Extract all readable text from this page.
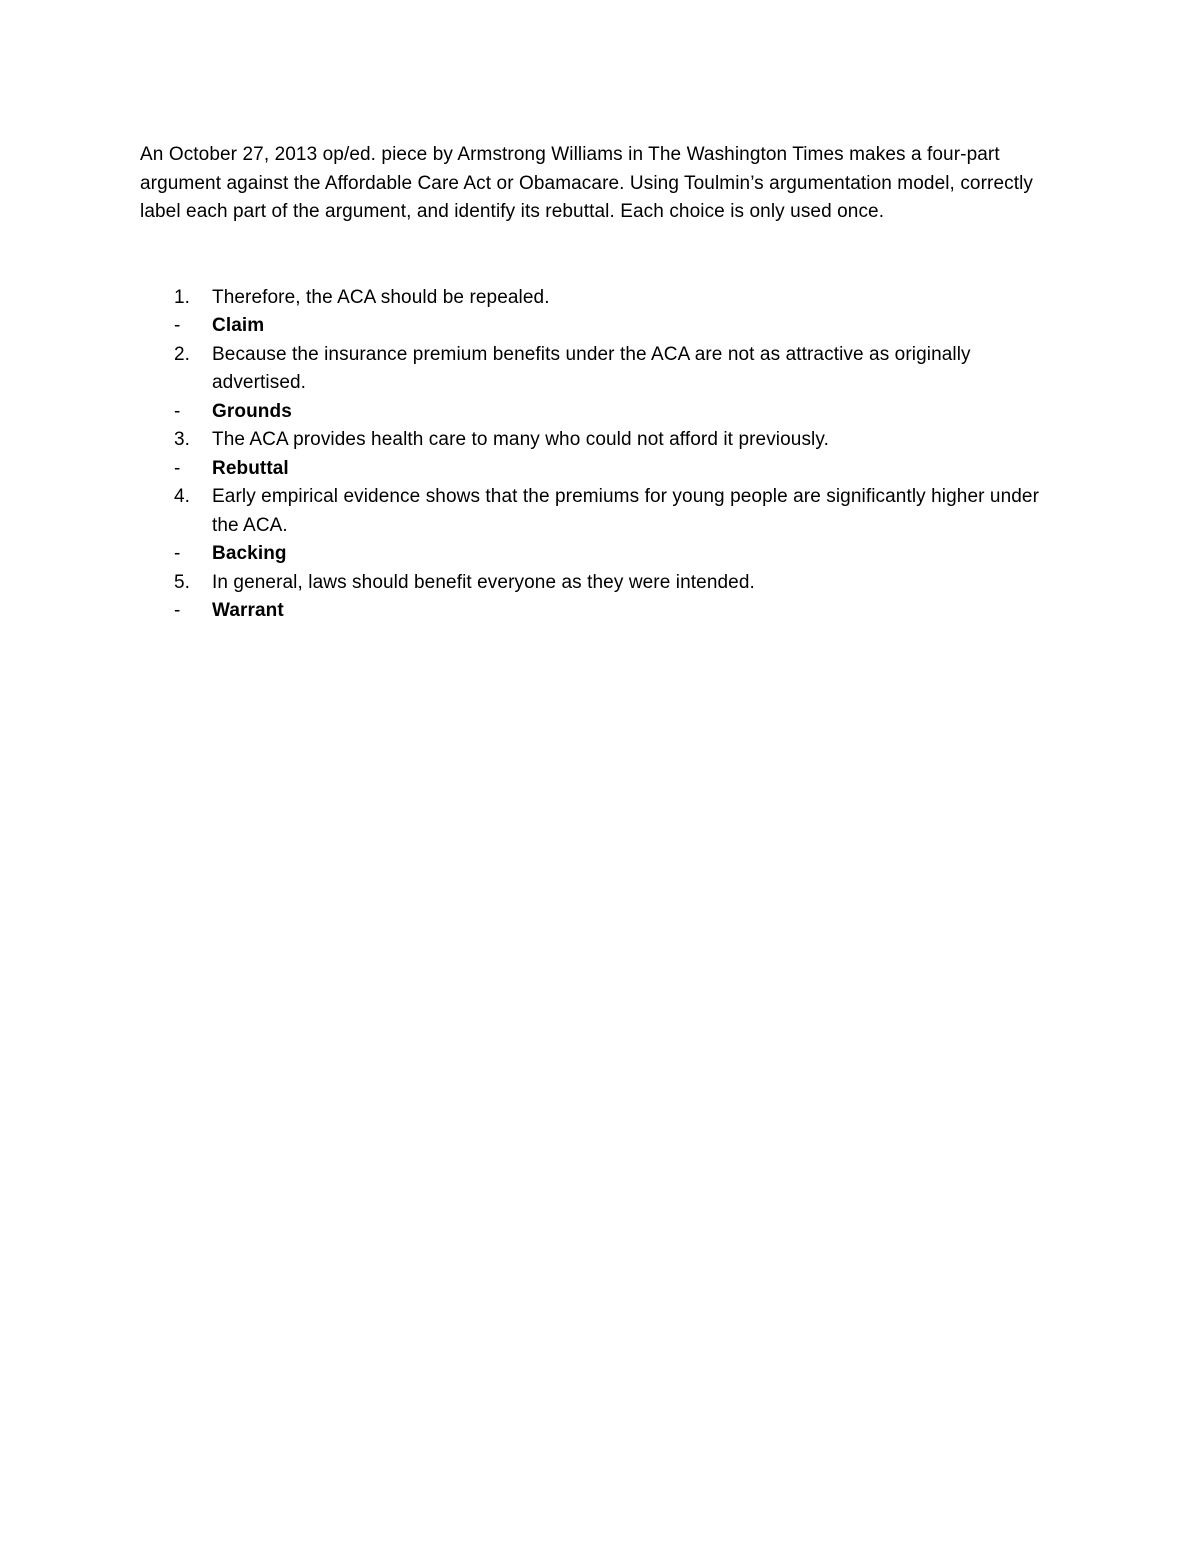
An October 27, 2013 op/ed. piece by Armstrong Williams in The Washington Times makes a four-part argument against the Affordable Care Act or Obamacare. Using Toulmin’s argumentation model, correctly label each part of the argument, and identify its rebuttal. Each choice is only used once.

1.	Therefore, the ACA should be repealed.
-	Claim
2.	Because the insurance premium benefits under the ACA are not as attractive as originally advertised.
-	Grounds
3.	The ACA provides health care to many who could not afford it previously.
-	Rebuttal
4.	Early empirical evidence shows that the premiums for young people are significantly higher under the ACA.
-	Backing
5.	In general, laws should benefit everyone as they were intended.
-	Warrant
